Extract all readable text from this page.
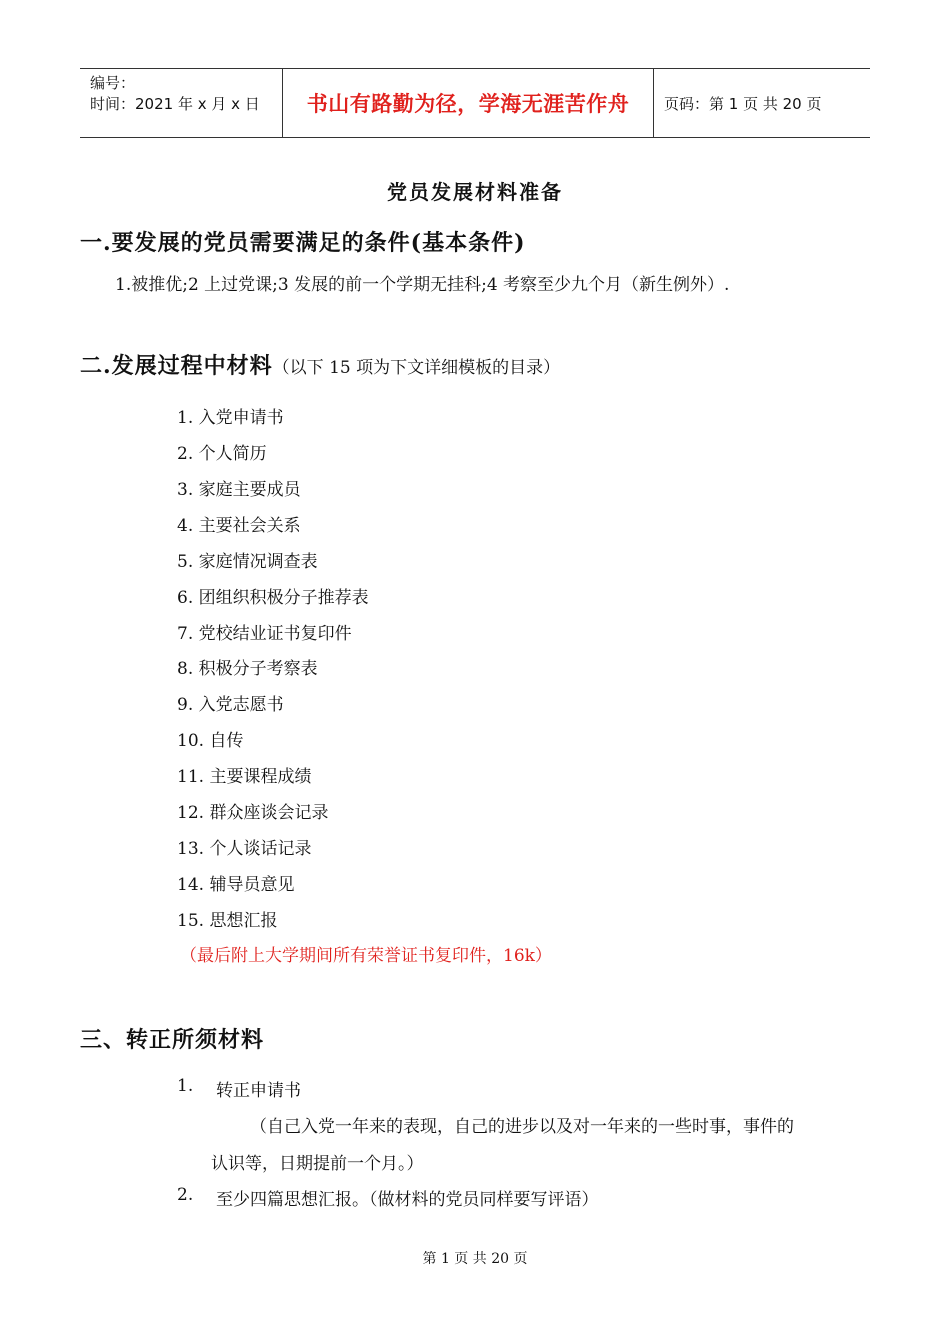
编号：
时间：2021 年 x 月 x 日	书山有路勤为径，学海无涯苦作舟	页码：第 1 页 共 20 页
党员发展材料准备
一.要发展的党员需要满足的条件(基本条件)
1.被推优;2 上过党课;3 发展的前一个学期无挂科;4 考察至少九个月（新生例外）.
二.发展过程中材料（以下 15 项为下文详细模板的目录）
1. 入党申请书
2. 个人简历
3. 家庭主要成员
4. 主要社会关系
5. 家庭情况调查表
6. 团组织积极分子推荐表
7. 党校结业证书复印件
8. 积极分子考察表
9. 入党志愿书
10. 自传
11. 主要课程成绩
12. 群众座谈会记录
13. 个人谈话记录
14. 辅导员意见
15. 思想汇报
（最后附上大学期间所有荣誉证书复印件，16k）
三、转正所须材料
1. 转正申请书
（自己入党一年来的表现，自己的进步以及对一年来的一些时事，事件的
认识等，日期提前一个月。）
2. 至少四篇思想汇报。（做材料的党员同样要写评语）
第 1 页 共 20 页
